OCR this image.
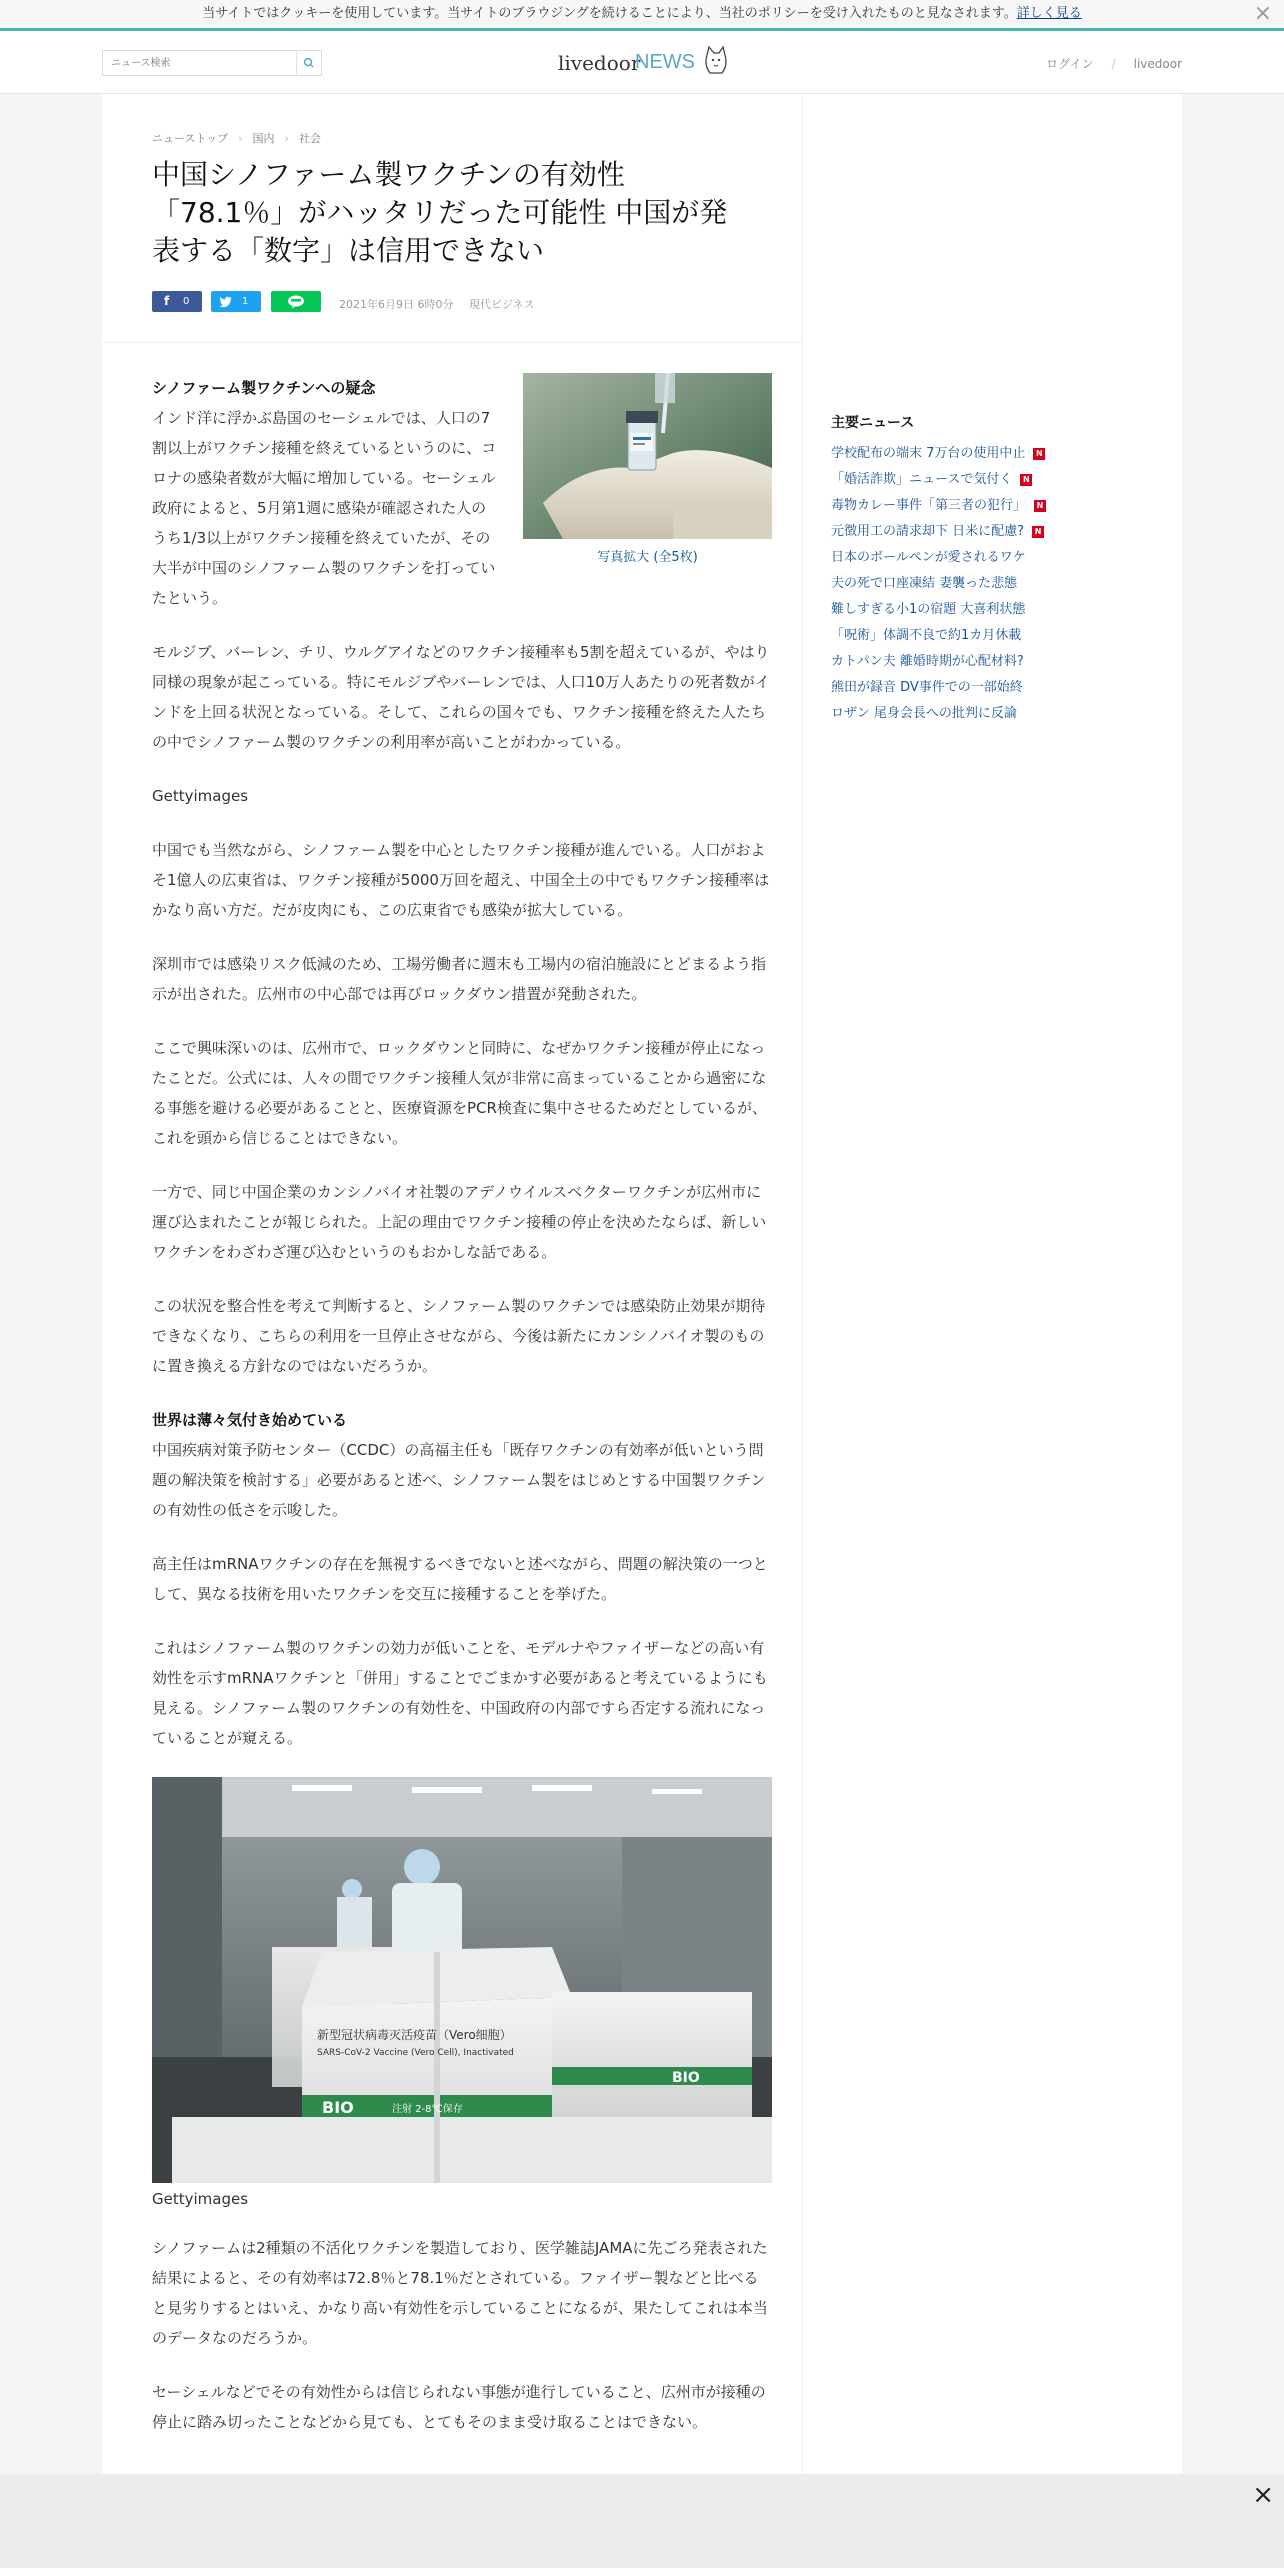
当サイトではクッキーを使用しています。当サイトのブラウジングを続けることにより、当社のポリシーを受け入れたものと見なされます。詳しく見る	×
ニュース検索
livedoor
NEWS	ログイン / livedoor
ニューストップ › 国内 › 社会
中国シノファーム製ワクチンの有効性「78.1％」がハッタリだった可能性 中国が発表する「数字」は信用できない
f 0	1	2021年6月9日 6時0分 現代ビジネス
写真拡大 (全5枚)

シノファーム製ワクチンへの疑念
インド洋に浮かぶ島国のセーシェルでは、人口の7割以上がワクチン接種を終えているというのに、コロナの感染者数が大幅に増加している。セーシェル政府によると、5月第1週に感染が確認された人のうち1/3以上がワクチン接種を終えていたが、その大半が中国のシノファーム製のワクチンを打っていたという。

モルジブ、バーレン、チリ、ウルグアイなどのワクチン接種率も5割を超えているが、やはり同様の現象が起こっている。特にモルジブやバーレンでは、人口10万人あたりの死者数がインドを上回る状況となっている。そして、これらの国々でも、ワクチン接種を終えた人たちの中でシノファーム製のワクチンの利用率が高いことがわかっている。

Gettyimages

中国でも当然ながら、シノファーム製を中心としたワクチン接種が進んでいる。人口がおよそ1億人の広東省は、ワクチン接種が5000万回を超え、中国全土の中でもワクチン接種率はかなり高い方だ。だが皮肉にも、この広東省でも感染が拡大している。

深圳市では感染リスク低減のため、工場労働者に週末も工場内の宿泊施設にとどまるよう指示が出された。広州市の中心部では再びロックダウン措置が発動された。

ここで興味深いのは、広州市で、ロックダウンと同時に、なぜかワクチン接種が停止になったことだ。公式には、人々の間でワクチン接種人気が非常に高まっていることから過密になる事態を避ける必要があることと、医療資源をPCR検査に集中させるためだとしているが、これを頭から信じることはできない。

一方で、同じ中国企業のカンシノバイオ社製のアデノウイルスベクターワクチンが広州市に運び込まれたことが報じられた。上記の理由でワクチン接種の停止を決めたならば、新しいワクチンをわざわざ運び込むというのもおかしな話である。

この状況を整合性を考えて判断すると、シノファーム製のワクチンでは感染防止効果が期待できなくなり、こちらの利用を一旦停止させながら、今後は新たにカンシノバイオ製のものに置き換える方針なのではないだろうか。

世界は薄々気付き始めている
中国疾病対策予防センター（CCDC）の高福主任も「既存ワクチンの有効率が低いという問題の解決策を検討する」必要があると述べ、シノファーム製をはじめとする中国製ワクチンの有効性の低さを示唆した。

高主任はmRNAワクチンの存在を無視するべきでないと述べながら、問題の解決策の一つとして、異なる技術を用いたワクチンを交互に接種することを挙げた。

これはシノファーム製のワクチンの効力が低いことを、モデルナやファイザーなどの高い有効性を示すmRNAワクチンと「併用」することでごまかす必要があると考えているようにも見える。シノファーム製のワクチンの有効性を、中国政府の内部ですら否定する流れになっていることが窺える。

新型冠状病毒灭活疫苗（Vero细胞）
SARS-CoV-2 Vaccine (Vero Cell), Inactivated
BIO
BIO
注射 2-8℃保存
Gettyimages

シノファームは2種類の不活化ワクチンを製造しており、医学雑誌JAMAに先ごろ発表された結果によると、その有効率は72.8％と78.1％だとされている。ファイザー製などと比べると見劣りするとはいえ、かなり高い有効性を示していることになるが、果たしてこれは本当のデータなのだろうか。

セーシェルなどでその有効性からは信じられない事態が進行していること、広州市が接種の停止に踏み切ったことなどから見ても、とてもそのまま受け取ることはできない。

主要ニュース
学校配布の端末 7万台の使用中止 N
「婚活詐欺」ニュースで気付く N
毒物カレー事件「第三者の犯行」 N
元徴用工の請求却下 日米に配慮? N
日本のボールペンが愛されるワケ
夫の死で口座凍結 妻襲った悲態
難しすぎる小1の宿題 大喜利状態
「呪術」体調不良で約1カ月休載
カトパン夫 離婚時期が心配材料?
熊田が録音 DV事件での一部始終
ロザン 尾身会長への批判に反論
×
